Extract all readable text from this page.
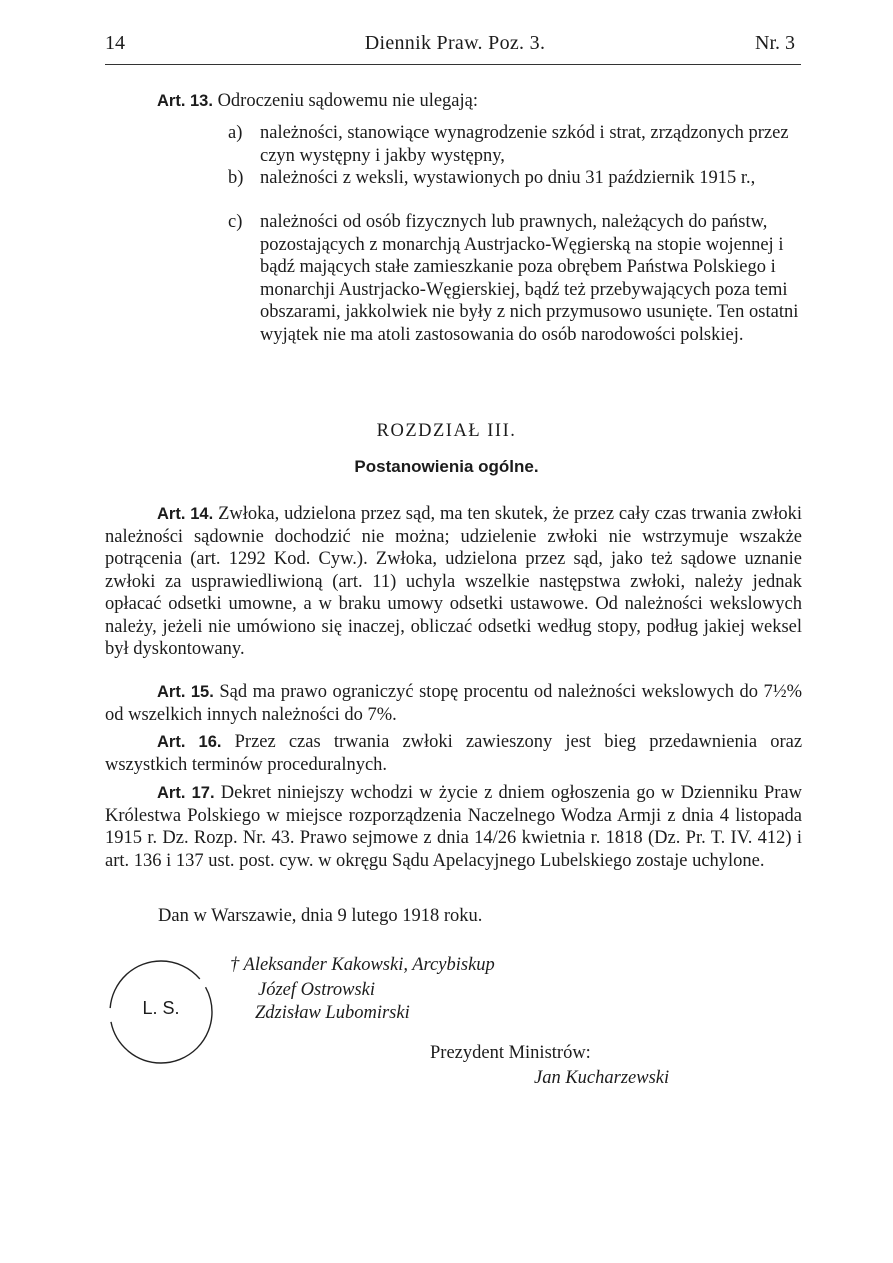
14	Diennik Praw. Poz. 3.	Nr. 3

Art. 13. Odroczeniu sądowemu nie ulegają:

a) należności, stanowiące wynagrodzenie szkód i strat, zrządzonych przez czyn występny i jakby występny,
b) należności z weksli, wystawionych po dniu 31 październik 1915 r.,
c) należności od osób fizycznych lub prawnych, należących do państw, pozostających z monarchją Austrjacko-Węgierską na stopie wojennej i bądź mających stałe zamieszkanie poza obrębem Państwa Polskiego i monarchji Austrjacko-Węgierskiej, bądź też przebywających poza temi obszarami, jakkolwiek nie były z nich przymusowo usunięte. Ten ostatni wyjątek nie ma atoli zastosowania do osób narodowości polskiej.
ROZDZIAŁ III.
Postanowienia ogólne.

Art. 14. Zwłoka, udzielona przez sąd, ma ten skutek, że przez cały czas trwania zwłoki należności sądownie dochodzić nie można; udzielenie zwłoki nie wstrzymuje wszakże potrącenia (art. 1292 Kod. Cyw.). Zwłoka, udzielona przez sąd, jako też sądowe uznanie zwłoki za usprawiedliwioną (art. 11) uchyla wszelkie następstwa zwłoki, należy jednak opłacać odsetki umowne, a w braku umowy odsetki ustawowe. Od należności wekslowych należy, jeżeli nie umówiono się inaczej, obliczać odsetki według stopy, podług jakiej weksel był dyskontowany.

Art. 15. Sąd ma prawo ograniczyć stopę procentu od należności wekslowych do 7½% od wszelkich innych należności do 7%.

Art. 16. Przez czas trwania zwłoki zawieszony jest bieg przedawnienia oraz wszystkich terminów proceduralnych.

Art. 17. Dekret niniejszy wchodzi w życie z dniem ogłoszenia go w Dzienniku Praw Królestwa Polskiego w miejsce rozporządzenia Naczelnego Wodza Armji z dnia 4 listopada 1915 r. Dz. Rozp. Nr. 43. Prawo sejmowe z dnia 14/26 kwietnia r. 1818 (Dz. Pr. T. IV. 412) i art. 136 i 137 ust. post. cyw. w okręgu Sądu Apelacyjnego Lubelskiego zostaje uchylone.

Dan w Warszawie, dnia 9 lutego 1918 roku.
L. S.
† Aleksander Kakowski, Arcybiskup
Józef Ostrowski
Zdzisław Lubomirski
Prezydent Ministrów:
Jan Kucharzewski
